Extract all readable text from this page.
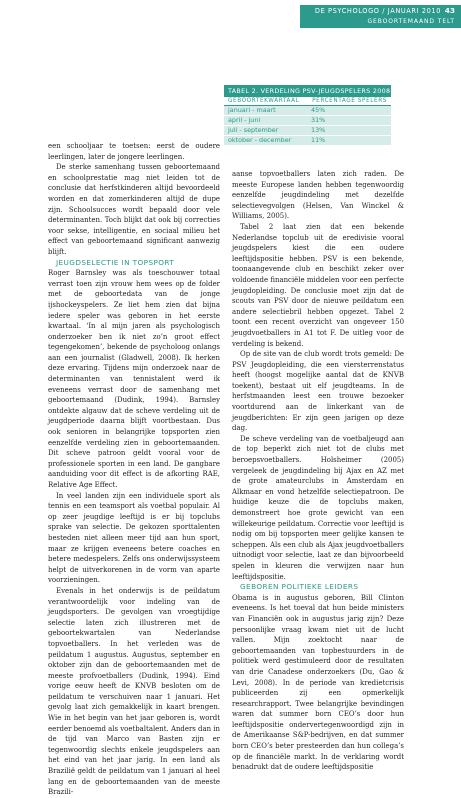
DE PSYCHOLOGO / JANUARI 2010 43
GEBOORTEMAAND TELT
TABEL 2. VERDELING PSV-JEUGDSPELERS 2008-2009
GEBOORTEKWARTAAL PERCENTAGE SPELERS
januari - maart	45%
april - juni	31%
juli - september	13%
oktober - december	11%

een schooljaar te toetsen: eerst de oudere leerlingen, later de jongere leerlingen.

De sterke samenhang tussen geboortemaand en schoolprestatie mag niet leiden tot de conclusie dat herfstkinderen altijd bevoordeeld worden en dat zomerkinderen altijd de dupe zijn. Schoolsucces wordt bepaald door vele determinanten. Toch blijkt dat ook bij correcties voor sekse, intelligentie, en sociaal milieu het effect van geboortemaand significant aanwezig blijft.

JEUGDSELECTIE IN TOPSPORT

Roger Barnsley was als toeschouwer totaal verrast toen zijn vrouw hem wees op de folder met de geboortedata van de jonge ijshockeyspelers. Ze liet hem zien dat bijna iedere speler was geboren in het eerste kwartaal. ‘In al mijn jaren als psychologisch onderzoeker ben ik niet zo’n groot effect tegengekomen’, bekende de psycholoog onlangs aan een journalist (Gladwell, 2008). Ik herken deze ervaring. Tijdens mijn onderzoek naar de determinanten van tennistalent werd ik eveneens verrast door de samenhang met geboortemaand (Dudink, 1994). Barnsley ontdekte algauw dat de scheve verdeling uit de jeugdperiode daarna blijft voortbestaan. Dus ook senioren in belangrijke topsporten zien eenzelfde verdeling zien in geboortemaanden. Dit scheve patroon geldt vooral voor de professionele sporten in een land. De gangbare aanduiding voor dit effect is de afkorting RAE, Relative Age Effect.

In veel landen zijn een individuele sport als tennis en een teamsport als voetbal populair. Al op zeer jeugdige leeftijd is er bij topclubs sprake van selectie. De gekozen sporttalenten besteden niet alleen meer tijd aan hun sport, maar ze krijgen eveneens betere coaches en betere medespelers. Zelfs ons onderwijssysteem helpt de uitverkorenen in de vorm van aparte voorzieningen.

Evenals in het onderwijs is de peildatum verantwoordelijk voor indeling van de jeugdsporters. De gevolgen van vroegtijdige selectie laten zich illustreren met de geboortekwartalen van Nederlandse topvoetballers. In het verleden was de peildatum 1 augustus. Augustus, september en oktober zijn dan de geboortemaanden met de meeste profvoetballers (Dudink, 1994). Eind vorige eeuw heeft de KNVB besloten om de peildatum te verschuiven naar 1 januari. Het gevolg laat zich gemakkelijk in kaart brengen. Wie in het begin van het jaar geboren is, wordt eerder benoemd als voetbaltalent. Anders dan in de tijd van Marco van Basten zijn er tegenwoordig slechts enkele jeugdspelers aan het eind van het jaar jarig. In een land als Brazilië geldt de peildatum van 1 januari al heel lang en de geboortemaanden van de meeste Brazili-

aanse topvoetballers laten zich raden. De meeste Europese landen hebben tegenwoordig eenzelfde jeugdindeling met dezelfde selectievegvolgen (Helsen, Van Winckel & Williams, 2005).

Tabel 2 laat zien dat een bekende Nederlandse topclub uit de eredivisie vooral jeugdspelers kiest die een oudere leeftijdspositie hebben. PSV is een bekende, toonaangevende club en beschikt zeker over voldoende financiële middelen voor een perfecte jeugdopleiding. De conclusie moet zijn dat de scouts van PSV door de nieuwe peildatum een andere selectiebril hebben opgezet. Tabel 2 toont een recent overzicht van ongeveer 150 jeugdvoetballers in A1 tot F. De uitleg voor de verdeling is bekend.

Op de site van de club wordt trots gemeld: De PSV Jeugdopleiding, die een viersterrenstatus heeft (hoogst mogelijke aantal dat de KNVB toekent), bestaat uit elf jeugdteams. In de herfstmaanden leest een trouwe bezoeker voortdurend aan de linkerkant van de jeugdberichten: Er zijn geen jarigen op deze dag.

De scheve verdeling van de voetbaljeugd aan de top beperkt zich niet tot de clubs met beroepsvoetballers. Holsheimer (2005) vergeleek de jeugdindeling bij Ajax en AZ met de grote amateurclubs in Amsterdam en Alkmaar en vond hetzelfde selectiepatroon. De huidige keuze die de topclubs maken, demonstreert hoe grote gewicht van een willekeurige peildatum. Correctie voor leeftijd is nodig om bij topsporten meer gelijke kansen te scheppen. Als een club als Ajax jeugdvoetballers uitnodigt voor selectie, laat ze dan bijvoorbeeld spelen in kleuren die verwijzen naar hun leeftijdspositie.

GEBOREN POLITIEKE LEIDERS

Obama is in augustus geboren, Bill Clinton eveneens. Is het toeval dat hun beide ministers van Financiën ook in augustus jarig zijn? Deze persoonlijke vraag kwam niet uit de lucht vallen. Mijn zoektocht naar de geboortemaanden van topbestuurders in de politiek werd gestimuleerd door de resultaten van drie Canadese onderzoekers (Du, Gao & Levi, 2008). In de periode van kredietcrisis publiceerden zij een opmerkelijk researchrapport. Twee belangrijke bevindingen waren dat summer born CEO’s door hun leeftijdspositie ondervertegenwoordigd zijn in de Amerikaanse S&P-bedrijven, en dat summer born CEO’s beter presteerden dan hun collega’s op de financiële markt. In de verklaring wordt benadrukt dat de oudere leeftijdspositie
